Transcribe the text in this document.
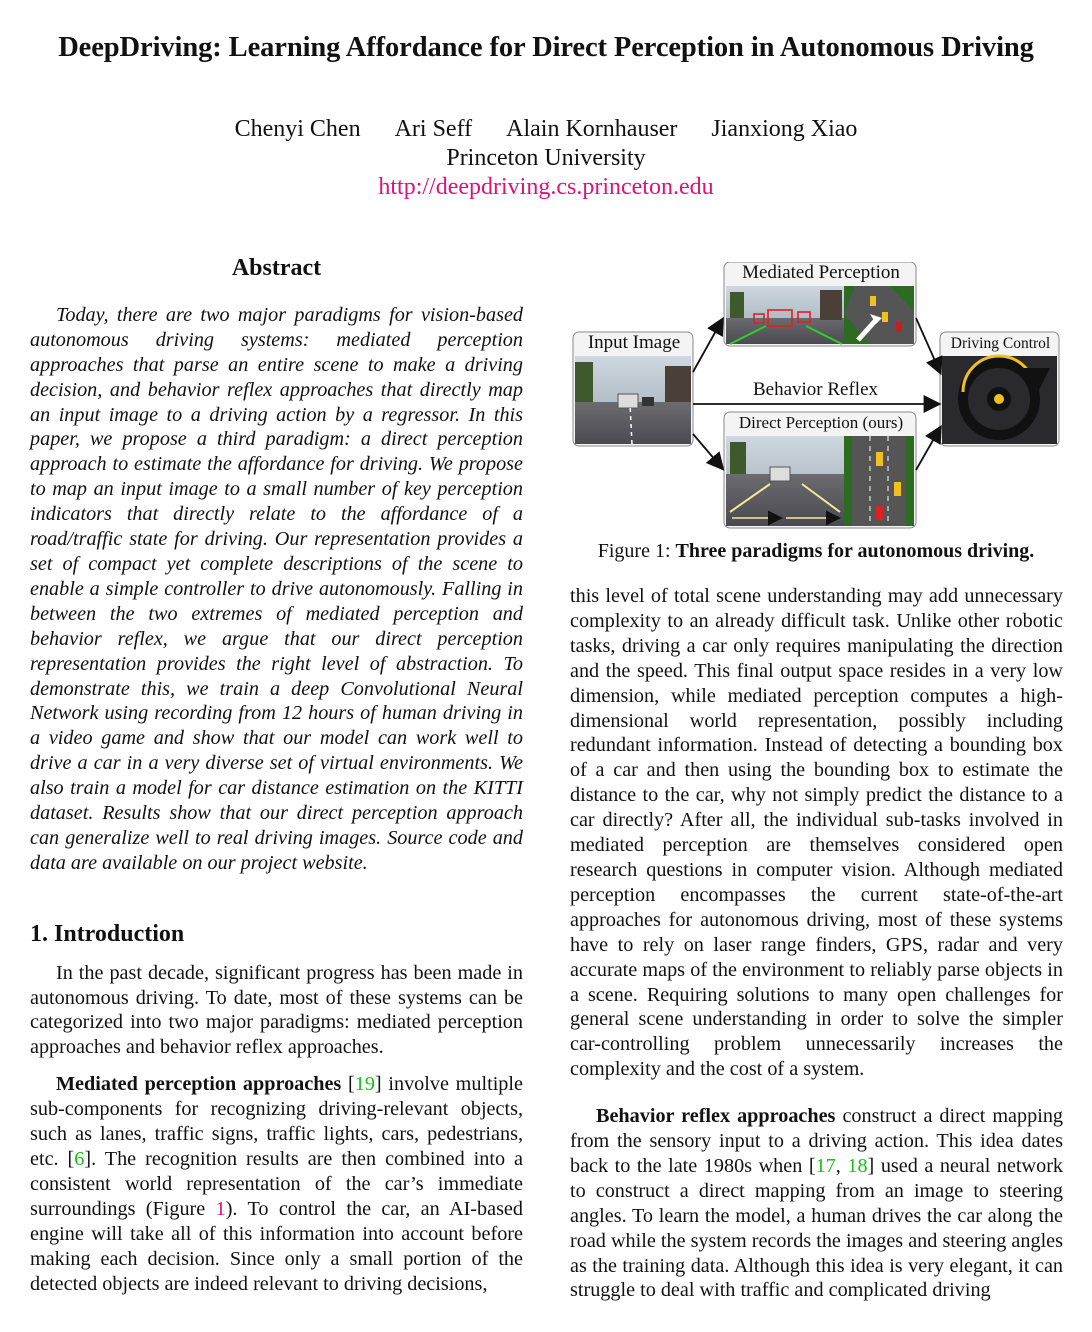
DeepDriving: Learning Affordance for Direct Perception in Autonomous Driving
Chenyi Chen Ari Seff Alain Kornhauser Jianxiong Xiao
Princeton University
http://deepdriving.cs.princeton.edu
Abstract

Today, there are two major paradigms for vision-based autonomous driving systems: mediated perception approaches that parse an entire scene to make a driving decision, and behavior reflex approaches that directly map an input image to a driving action by a regressor. In this paper, we propose a third paradigm: a direct perception approach to estimate the affordance for driving. We propose to map an input image to a small number of key perception indicators that directly relate to the affordance of a road/traffic state for driving. Our representation provides a set of compact yet complete descriptions of the scene to enable a simple controller to drive autonomously. Falling in between the two extremes of mediated perception and behavior reflex, we argue that our direct perception representation provides the right level of abstraction. To demonstrate this, we train a deep Convolutional Neural Network using recording from 12 hours of human driving in a video game and show that our model can work well to drive a car in a very diverse set of virtual environments. We also train a model for car distance estimation on the KITTI dataset. Results show that our direct perception approach can generalize well to real driving images. Source code and data are available on our project website.

1. Introduction

In the past decade, significant progress has been made in autonomous driving. To date, most of these systems can be categorized into two major paradigms: mediated perception approaches and behavior reflex approaches.

Mediated perception approaches [19] involve multiple sub-components for recognizing driving-relevant objects, such as lanes, traffic signs, traffic lights, cars, pedestrians, etc. [6]. The recognition results are then combined into a consistent world representation of the car’s immediate surroundings (Figure 1). To control the car, an AI-based engine will take all of this information into account before making each decision. Since only a small portion of the detected objects are indeed relevant to driving decisions,

Input Image
Mediated Perception
Behavior Reflex
Direct Perception (ours)
Driving Control
Figure 1: Three paradigms for autonomous driving.

this level of total scene understanding may add unnecessary complexity to an already difficult task. Unlike other robotic tasks, driving a car only requires manipulating the direction and the speed. This final output space resides in a very low dimension, while mediated perception computes a high-dimensional world representation, possibly including redundant information. Instead of detecting a bounding box of a car and then using the bounding box to estimate the distance to the car, why not simply predict the distance to a car directly? After all, the individual sub-tasks involved in mediated perception are themselves considered open research questions in computer vision. Although mediated perception encompasses the current state-of-the-art approaches for autonomous driving, most of these systems have to rely on laser range finders, GPS, radar and very accurate maps of the environment to reliably parse objects in a scene. Requiring solutions to many open challenges for general scene understanding in order to solve the simpler car-controlling problem unnecessarily increases the complexity and the cost of a system.

Behavior reflex approaches construct a direct mapping from the sensory input to a driving action. This idea dates back to the late 1980s when [17, 18] used a neural network to construct a direct mapping from an image to steering angles. To learn the model, a human drives the car along the road while the system records the images and steering angles as the training data. Although this idea is very elegant, it can struggle to deal with traffic and complicated driving
